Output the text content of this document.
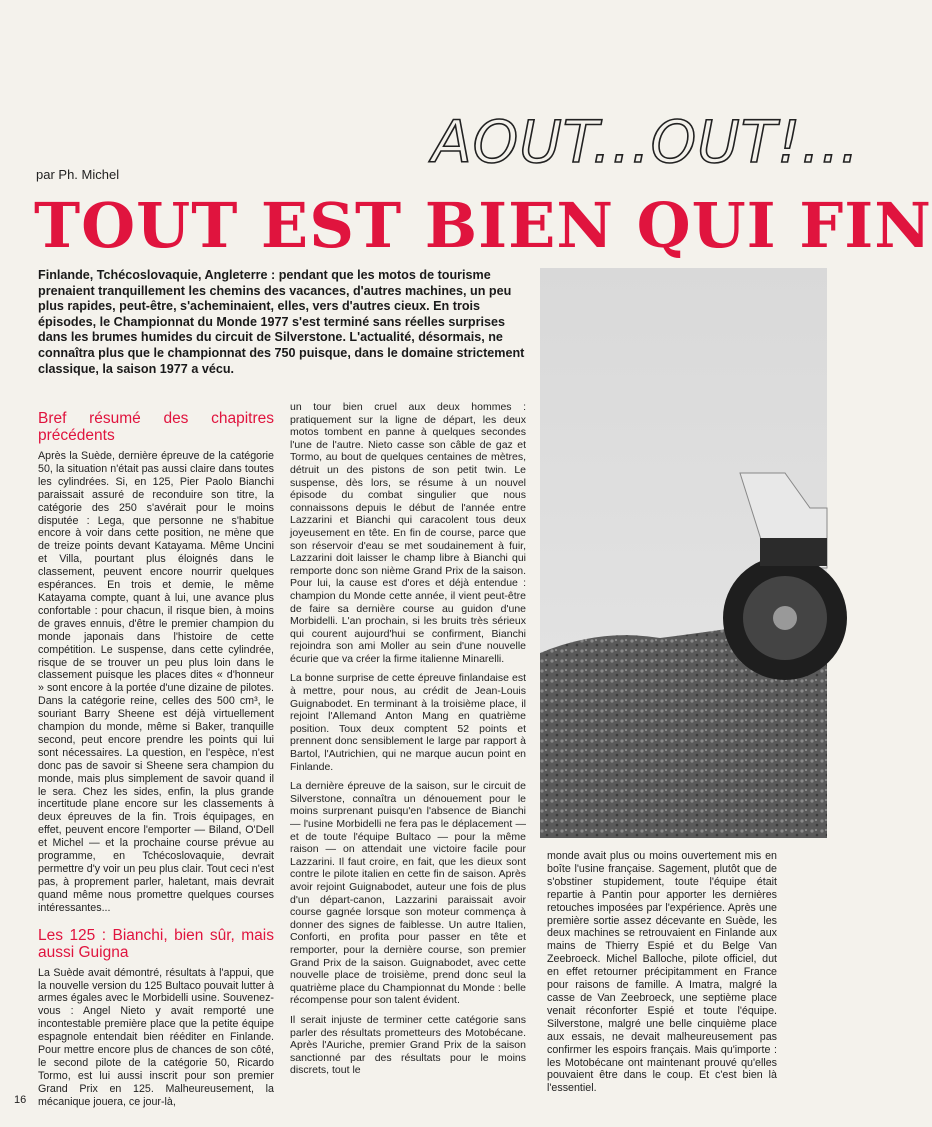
par Ph. Michel	AOUT...OUT!...
TOUT EST BIEN QUI FIN
Finlande, Tchécoslovaquie, Angleterre : pendant que les motos de tourisme prenaient tranquillement les chemins des vacances, d'autres machines, un peu plus rapides, peut-être, s'acheminaient, elles, vers d'autres cieux. En trois épisodes, le Championnat du Monde 1977 s'est terminé sans réelles surprises dans les brumes humides du circuit de Silverstone. L'actualité, désormais, ne connaîtra plus que le championnat des 750 puisque, dans le domaine strictement classique, la saison 1977 a vécu.
Bref résumé des chapitres précédents

Après la Suède, dernière épreuve de la catégorie 50, la situation n'était pas aussi claire dans toutes les cylindrées. Si, en 125, Pier Paolo Bianchi paraissait assuré de reconduire son titre, la catégorie des 250 s'avérait pour le moins disputée : Lega, que personne ne s'habitue encore à voir dans cette position, ne mène que de treize points devant Katayama. Même Uncini et Villa, pourtant plus éloignés dans le classement, peuvent encore nourrir quelques espérances. En trois et demie, le même Katayama compte, quant à lui, une avance plus confortable : pour chacun, il risque bien, à moins de graves ennuis, d'être le premier champion du monde japonais dans l'histoire de cette compétition. Le suspense, dans cette cylindrée, risque de se trouver un peu plus loin dans le classement puisque les places dites « d'honneur » sont encore à la portée d'une dizaine de pilotes. Dans la catégorie reine, celles des 500 cm³, le souriant Barry Sheene est déjà virtuellement champion du monde, même si Baker, tranquille second, peut encore prendre les points qui lui sont nécessaires. La question, en l'espèce, n'est donc pas de savoir si Sheene sera champion du monde, mais plus simplement de savoir quand il le sera. Chez les sides, enfin, la plus grande incertitude plane encore sur les classements à deux épreuves de la fin. Trois équipages, en effet, peuvent encore l'emporter — Biland, O'Dell et Michel — et la prochaine course prévue au programme, en Tchécoslovaquie, devrait permettre d'y voir un peu plus clair. Tout ceci n'est pas, à proprement parler, haletant, mais devrait quand même nous promettre quelques courses intéressantes...

Les 125 : Bianchi, bien sûr, mais aussi Guigna

La Suède avait démontré, résultats à l'appui, que la nouvelle version du 125 Bultaco pouvait lutter à armes égales avec le Morbidelli usine. Souvenez-vous : Angel Nieto y avait remporté une incontestable première place que la petite équipe espagnole entendait bien rééditer en Finlande. Pour mettre encore plus de chances de son côté, le second pilote de la catégorie 50, Ricardo Tormo, est lui aussi inscrit pour son premier Grand Prix en 125. Malheureusement, la mécanique jouera, ce jour-là,

un tour bien cruel aux deux hommes : pratiquement sur la ligne de départ, les deux motos tombent en panne à quelques secondes l'une de l'autre. Nieto casse son câble de gaz et Tormo, au bout de quelques centaines de mètres, détruit un des pistons de son petit twin. Le suspense, dès lors, se résume à un nouvel épisode du combat singulier que nous connaissons depuis le début de l'année entre Lazzarini et Bianchi qui caracolent tous deux joyeusement en tête. En fin de course, parce que son réservoir d'eau se met soudainement à fuir, Lazzarini doit laisser le champ libre à Bianchi qui remporte donc son nième Grand Prix de la saison. Pour lui, la cause est d'ores et déjà entendue : champion du Monde cette année, il vient peut-être de faire sa dernière course au guidon d'une Morbidelli. L'an prochain, si les bruits très sérieux qui courent aujourd'hui se confirment, Bianchi rejoindra son ami Moller au sein d'une nouvelle écurie que va créer la firme italienne Minarelli.

La bonne surprise de cette épreuve finlandaise est à mettre, pour nous, au crédit de Jean-Louis Guignabodet. En terminant à la troisième place, il rejoint l'Allemand Anton Mang en quatrième position. Toux deux comptent 52 points et prennent donc sensiblement le large par rapport à Bartol, l'Autrichien, qui ne marque aucun point en Finlande.

La dernière épreuve de la saison, sur le circuit de Silverstone, connaîtra un dénouement pour le moins surprenant puisqu'en l'absence de Bianchi — l'usine Morbidelli ne fera pas le déplacement — et de toute l'équipe Bultaco — pour la même raison — on attendait une victoire facile pour Lazzarini. Il faut croire, en fait, que les dieux sont contre le pilote italien en cette fin de saison. Après avoir rejoint Guignabodet, auteur une fois de plus d'un départ-canon, Lazzarini paraissait avoir course gagnée lorsque son moteur commença à donner des signes de faiblesse. Un autre Italien, Conforti, en profita pour passer en tête et remporter, pour la dernière course, son premier Grand Prix de la saison. Guignabodet, avec cette nouvelle place de troisième, prend donc seul la quatrième place du Championnat du Monde : belle récompense pour son talent évident.

Il serait injuste de terminer cette catégorie sans parler des résultats prometteurs des Motobécane. Après l'Auriche, premier Grand Prix de la saison sanctionné par des résultats pour le moins discrets, tout le

monde avait plus ou moins ouvertement mis en boîte l'usine française. Sagement, plutôt que de s'obstiner stupidement, toute l'équipe était repartie à Pantin pour apporter les dernières retouches imposées par l'expérience. Après une première sortie assez décevante en Suède, les deux machines se retrouvaient en Finlande aux mains de Thierry Espié et du Belge Van Zeebroeck. Michel Balloche, pilote officiel, dut en effet retourner précipitamment en France pour raisons de famille. A Imatra, malgré la casse de Van Zeebroeck, une septième place venait réconforter Espié et toute l'équipe. Silverstone, malgré une belle cinquième place aux essais, ne devait malheureusement pas confirmer les espoirs français. Mais qu'importe : les Motobécane ont maintenant prouvé qu'elles pouvaient être dans le coup. Et c'est bien là l'essentiel.

16
